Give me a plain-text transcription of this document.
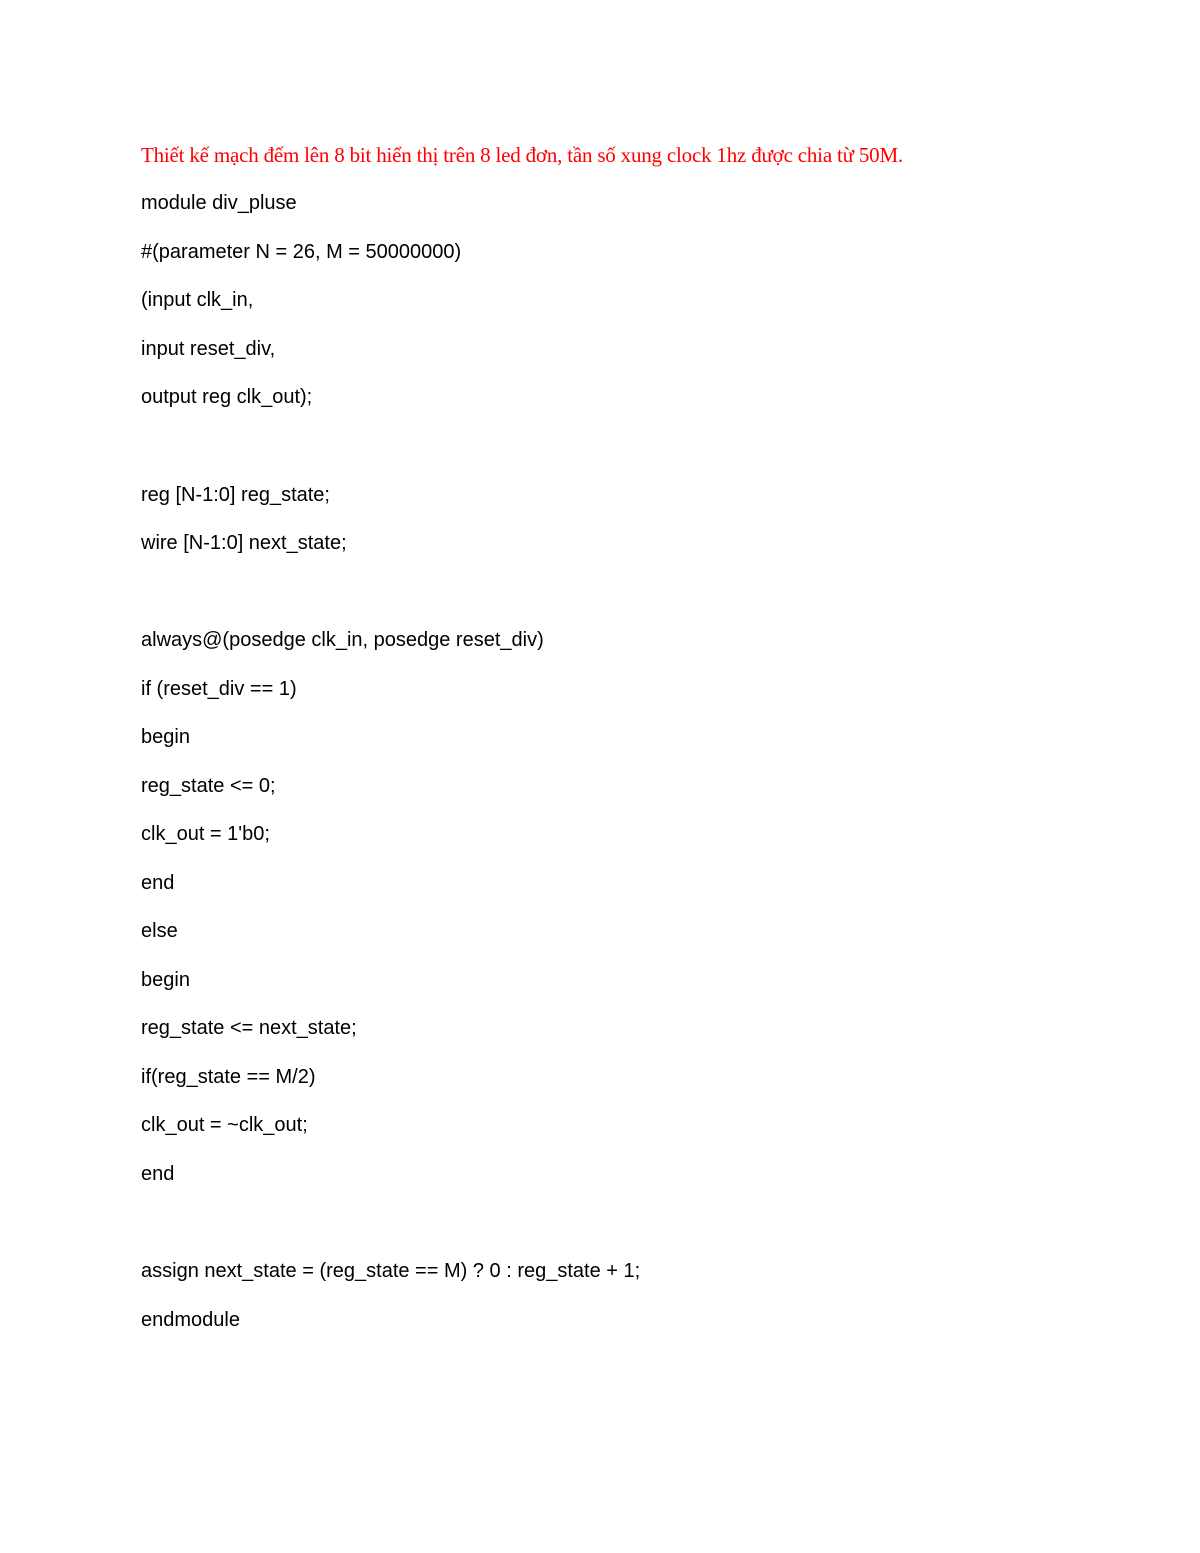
Thiết kế mạch đếm lên 8 bit hiển thị trên 8 led đơn, tần số xung clock 1hz được chia từ 50M.
module div_pluse
#(parameter N = 26, M = 50000000)
(input clk_in,
input reset_div,
output reg clk_out);
reg [N-1:0] reg_state;
wire [N-1:0] next_state;
always@(posedge clk_in, posedge reset_div)
if (reset_div == 1)
begin
reg_state <= 0;
clk_out = 1'b0;
end
else
begin
reg_state <= next_state;
if(reg_state == M/2)
clk_out = ~clk_out;
end
assign next_state = (reg_state == M) ? 0 : reg_state + 1;
endmodule
